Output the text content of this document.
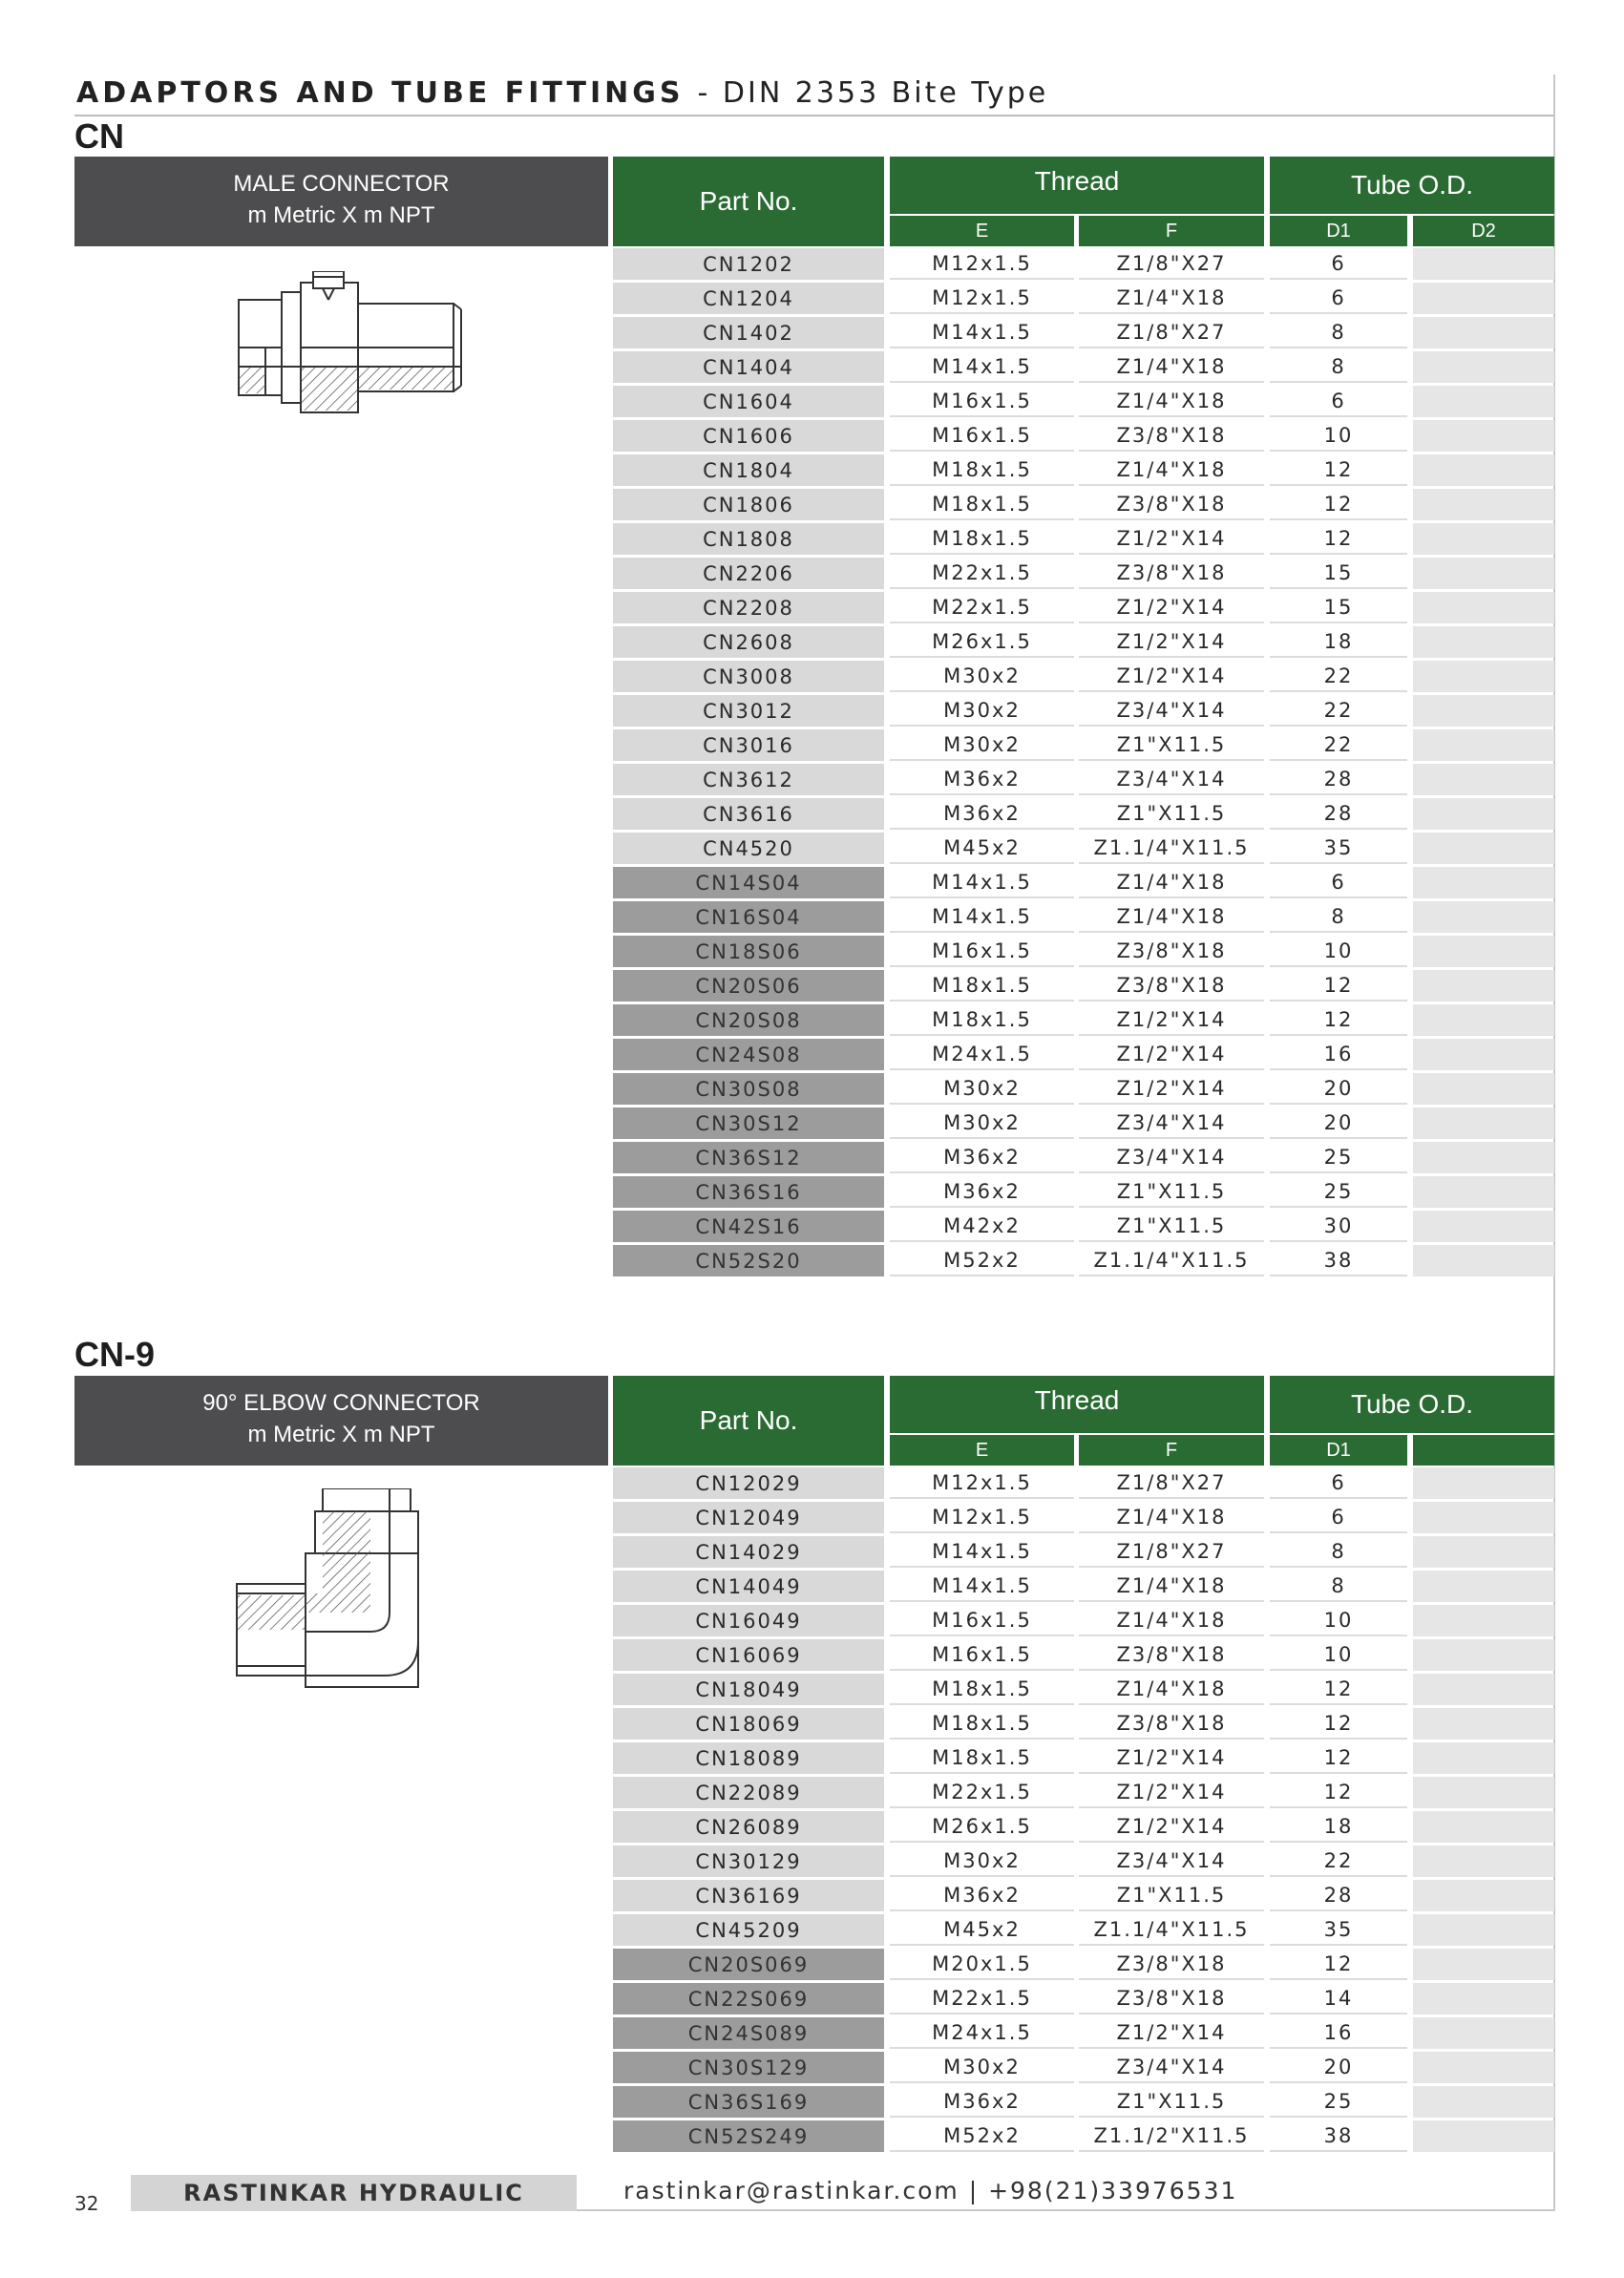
ADAPTORS AND TUBE FITTINGS - DIN 2353 Bite Type
CN
MALE CONNECTOR
m Metric X m NPT	Part No.
Thread	Tube O.D.
E	F	D1	D2
CN1202	M12x1.5	Z1/8"X27	6
CN1204	M12x1.5	Z1/4"X18	6
CN1402	M14x1.5	Z1/8"X27	8
CN1404	M14x1.5	Z1/4"X18	8
CN1604	M16x1.5	Z1/4"X18	6
CN1606	M16x1.5	Z3/8"X18	10
CN1804	M18x1.5	Z1/4"X18	12
CN1806	M18x1.5	Z3/8"X18	12
CN1808	M18x1.5	Z1/2"X14	12
CN2206	M22x1.5	Z3/8"X18	15
CN2208	M22x1.5	Z1/2"X14	15
CN2608	M26x1.5	Z1/2"X14	18
CN3008	M30x2	Z1/2"X14	22
CN3012	M30x2	Z3/4"X14	22
CN3016	M30x2	Z1"X11.5	22
CN3612	M36x2	Z3/4"X14	28
CN3616	M36x2	Z1"X11.5	28
CN4520	M45x2	Z1.1/4"X11.5	35
CN14S04	M14x1.5	Z1/4"X18	6
CN16S04	M14x1.5	Z1/4"X18	8
CN18S06	M16x1.5	Z3/8"X18	10
CN20S06	M18x1.5	Z3/8"X18	12
CN20S08	M18x1.5	Z1/2"X14	12
CN24S08	M24x1.5	Z1/2"X14	16
CN30S08	M30x2	Z1/2"X14	20
CN30S12	M30x2	Z3/4"X14	20
CN36S12	M36x2	Z3/4"X14	25
CN36S16	M36x2	Z1"X11.5	25
CN42S16	M42x2	Z1"X11.5	30
CN52S20	M52x2	Z1.1/4"X11.5	38
CN-9
90° ELBOW CONNECTOR
m Metric X m NPT	Part No.
Thread	Tube O.D.
E	F	D1
CN12029	M12x1.5	Z1/8"X27	6
CN12049	M12x1.5	Z1/4"X18	6
CN14029	M14x1.5	Z1/8"X27	8
CN14049	M14x1.5	Z1/4"X18	8
CN16049	M16x1.5	Z1/4"X18	10
CN16069	M16x1.5	Z3/8"X18	10
CN18049	M18x1.5	Z1/4"X18	12
CN18069	M18x1.5	Z3/8"X18	12
CN18089	M18x1.5	Z1/2"X14	12
CN22089	M22x1.5	Z1/2"X14	12
CN26089	M26x1.5	Z1/2"X14	18
CN30129	M30x2	Z3/4"X14	22
CN36169	M36x2	Z1"X11.5	28
CN45209	M45x2	Z1.1/4"X11.5	35
CN20S069	M20x1.5	Z3/8"X18	12
CN22S069	M22x1.5	Z3/8"X18	14
CN24S089	M24x1.5	Z1/2"X14	16
CN30S129	M30x2	Z3/4"X14	20
CN36S169	M36x2	Z1"X11.5	25
CN52S249	M52x2	Z1.1/2"X11.5	38
32	RASTINKAR HYDRAULIC	rastinkar@rastinkar.com | +98(21)33976531
